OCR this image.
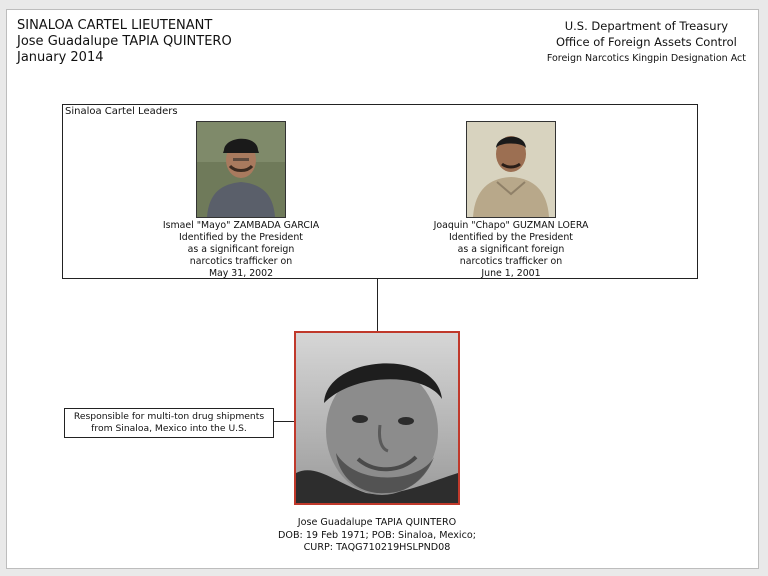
SINALOA CARTEL LIEUTENANT
Jose Guadalupe TAPIA QUINTERO
January 2014
U.S. Department of Treasury
Office of Foreign Assets Control
Foreign Narcotics Kingpin Designation Act
Sinaloa Cartel Leaders
Ismael "Mayo" ZAMBADA GARCIA
Identified by the President
as a significant foreign
narcotics trafficker on
May 31, 2002
Joaquin "Chapo" GUZMAN LOERA
Identified by the President
as a significant foreign
narcotics trafficker on
June 1, 2001
Responsible for multi-ton drug shipments
from Sinaloa, Mexico into the U.S.
Jose Guadalupe TAPIA QUINTERO
DOB: 19 Feb 1971; POB: Sinaloa, Mexico;
CURP: TAQG710219HSLPND08
